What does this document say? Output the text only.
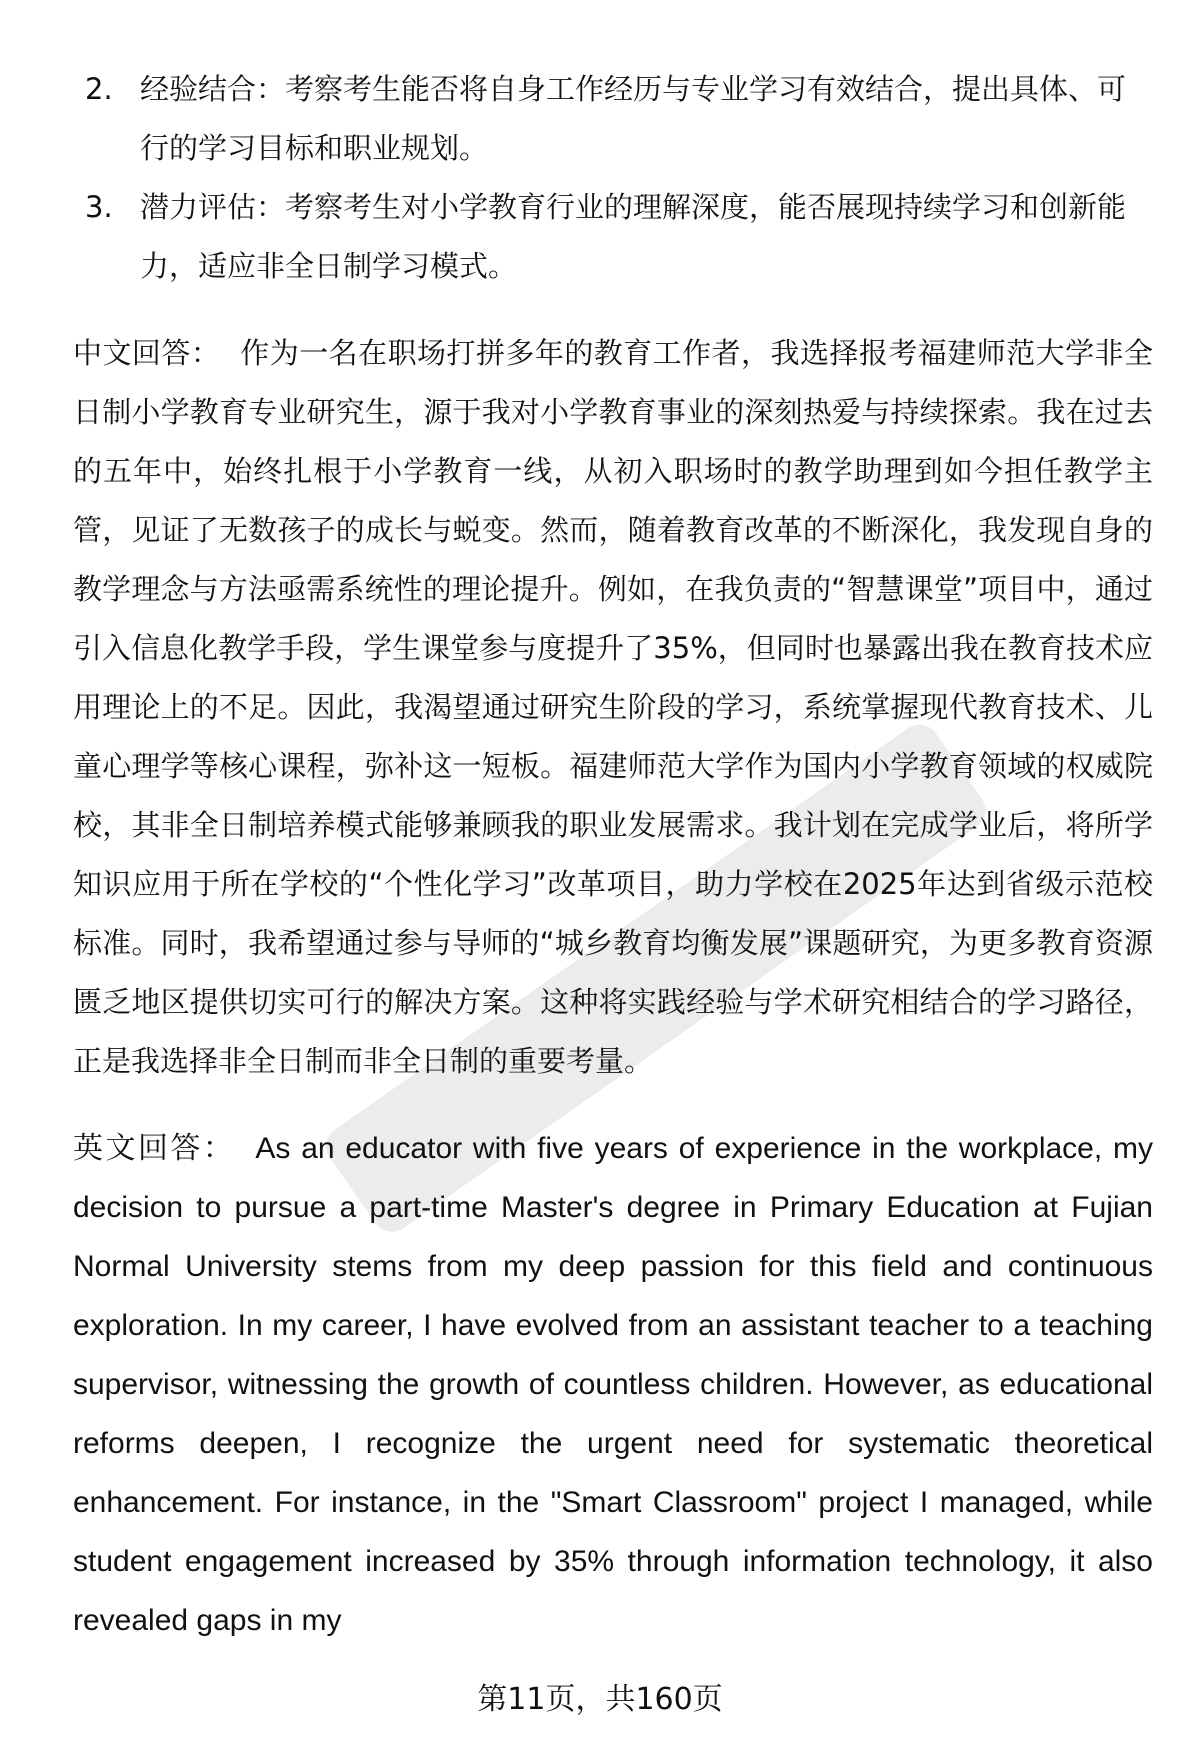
2. 经验结合：考察考生能否将自身工作经历与专业学习有效结合，提出具体、可行的学习目标和职业规划。
3. 潜力评估：考察考生对小学教育行业的理解深度，能否展现持续学习和创新能力，适应非全日制学习模式。

中文回答： 作为一名在职场打拼多年的教育工作者，我选择报考福建师范大学非全日制小学教育专业研究生，源于我对小学教育事业的深刻热爱与持续探索。我在过去的五年中，始终扎根于小学教育一线，从初入职场时的教学助理到如今担任教学主管，见证了无数孩子的成长与蜕变。然而，随着教育改革的不断深化，我发现自身的教学理念与方法亟需系统性的理论提升。例如，在我负责的“智慧课堂”项目中，通过引入信息化教学手段，学生课堂参与度提升了35%，但同时也暴露出我在教育技术应用理论上的不足。因此，我渴望通过研究生阶段的学习，系统掌握现代教育技术、儿童心理学等核心课程，弥补这一短板。福建师范大学作为国内小学教育领域的权威院校，其非全日制培养模式能够兼顾我的职业发展需求。我计划在完成学业后，将所学知识应用于所在学校的“个性化学习”改革项目，助力学校在2025年达到省级示范校标准。同时，我希望通过参与导师的“城乡教育均衡发展”课题研究，为更多教育资源匮乏地区提供切实可行的解决方案。这种将实践经验与学术研究相结合的学习路径，正是我选择非全日制而非全日制的重要考量。

英文回答： As an educator with five years of experience in the workplace, my decision to pursue a part-time Master's degree in Primary Education at Fujian Normal University stems from my deep passion for this field and continuous exploration. In my career, I have evolved from an assistant teacher to a teaching supervisor, witnessing the growth of countless children. However, as educational reforms deepen, I recognize the urgent need for systematic theoretical enhancement. For instance, in the "Smart Classroom" project I managed, while student engagement increased by 35% through information technology, it also revealed gaps in my

第11页，共160页
